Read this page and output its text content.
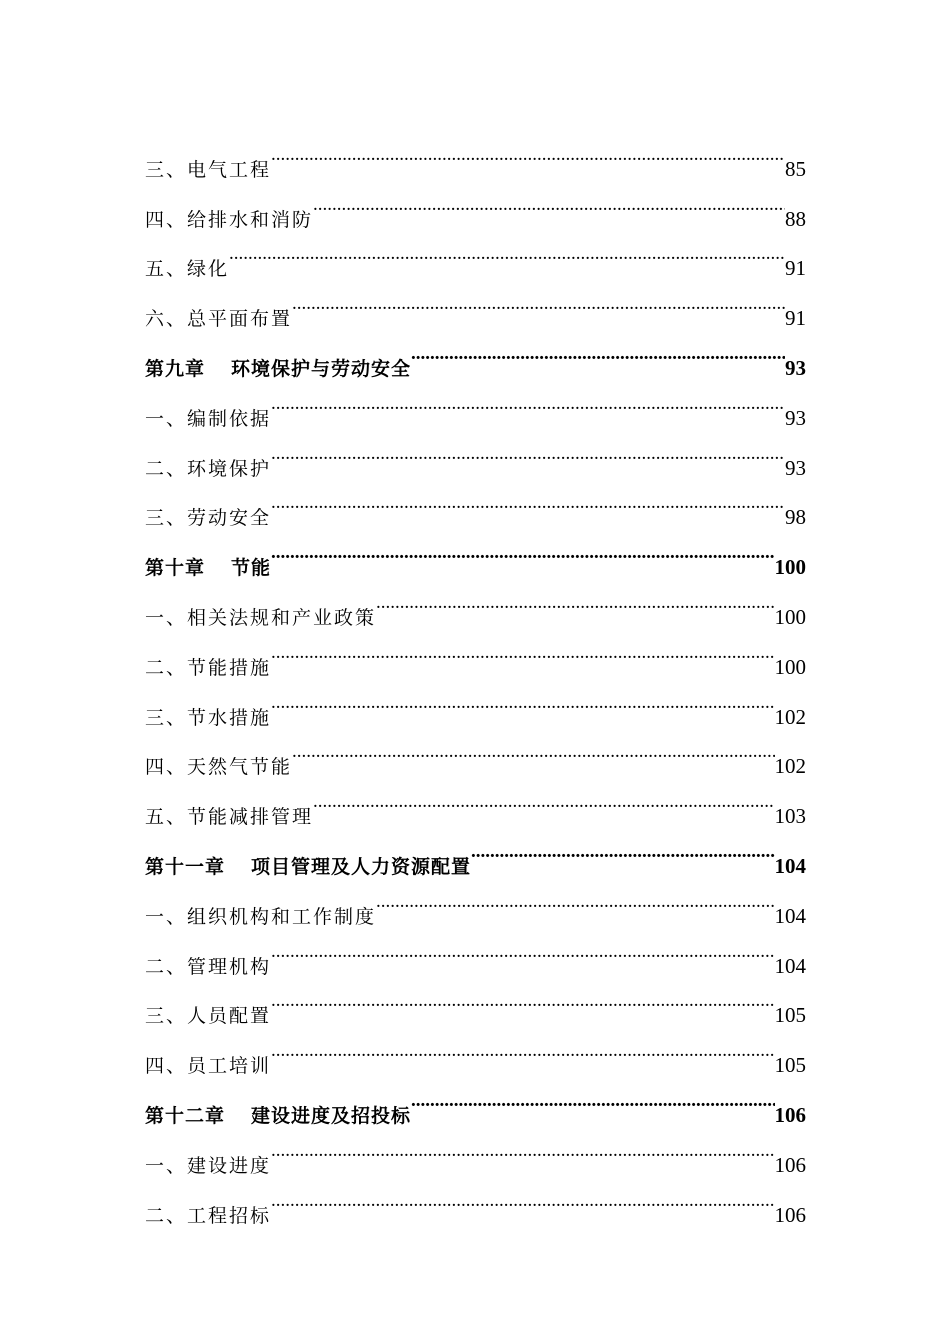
三、电气工程 .....	85
四、给排水和消防 .....	88
五、绿化 .....	91
六、总平面布置 .....	91
第九章 环境保护与劳动安全 .....	93
一、编制依据 .....	93
二、环境保护 .....	93
三、劳动安全 .....	98
第十章 节能 .....	100
一、相关法规和产业政策 .....	100
二、节能措施 .....	100
三、节水措施 .....	102
四、天然气节能 .....	102
五、节能减排管理 .....	103
第十一章 项目管理及人力资源配置 .....	104
一、组织机构和工作制度 .....	104
二、管理机构 .....	104
三、人员配置 .....	105
四、员工培训 .....	105
第十二章 建设进度及招投标 .....	106
一、建设进度 .....	106
二、工程招标 .....	106
